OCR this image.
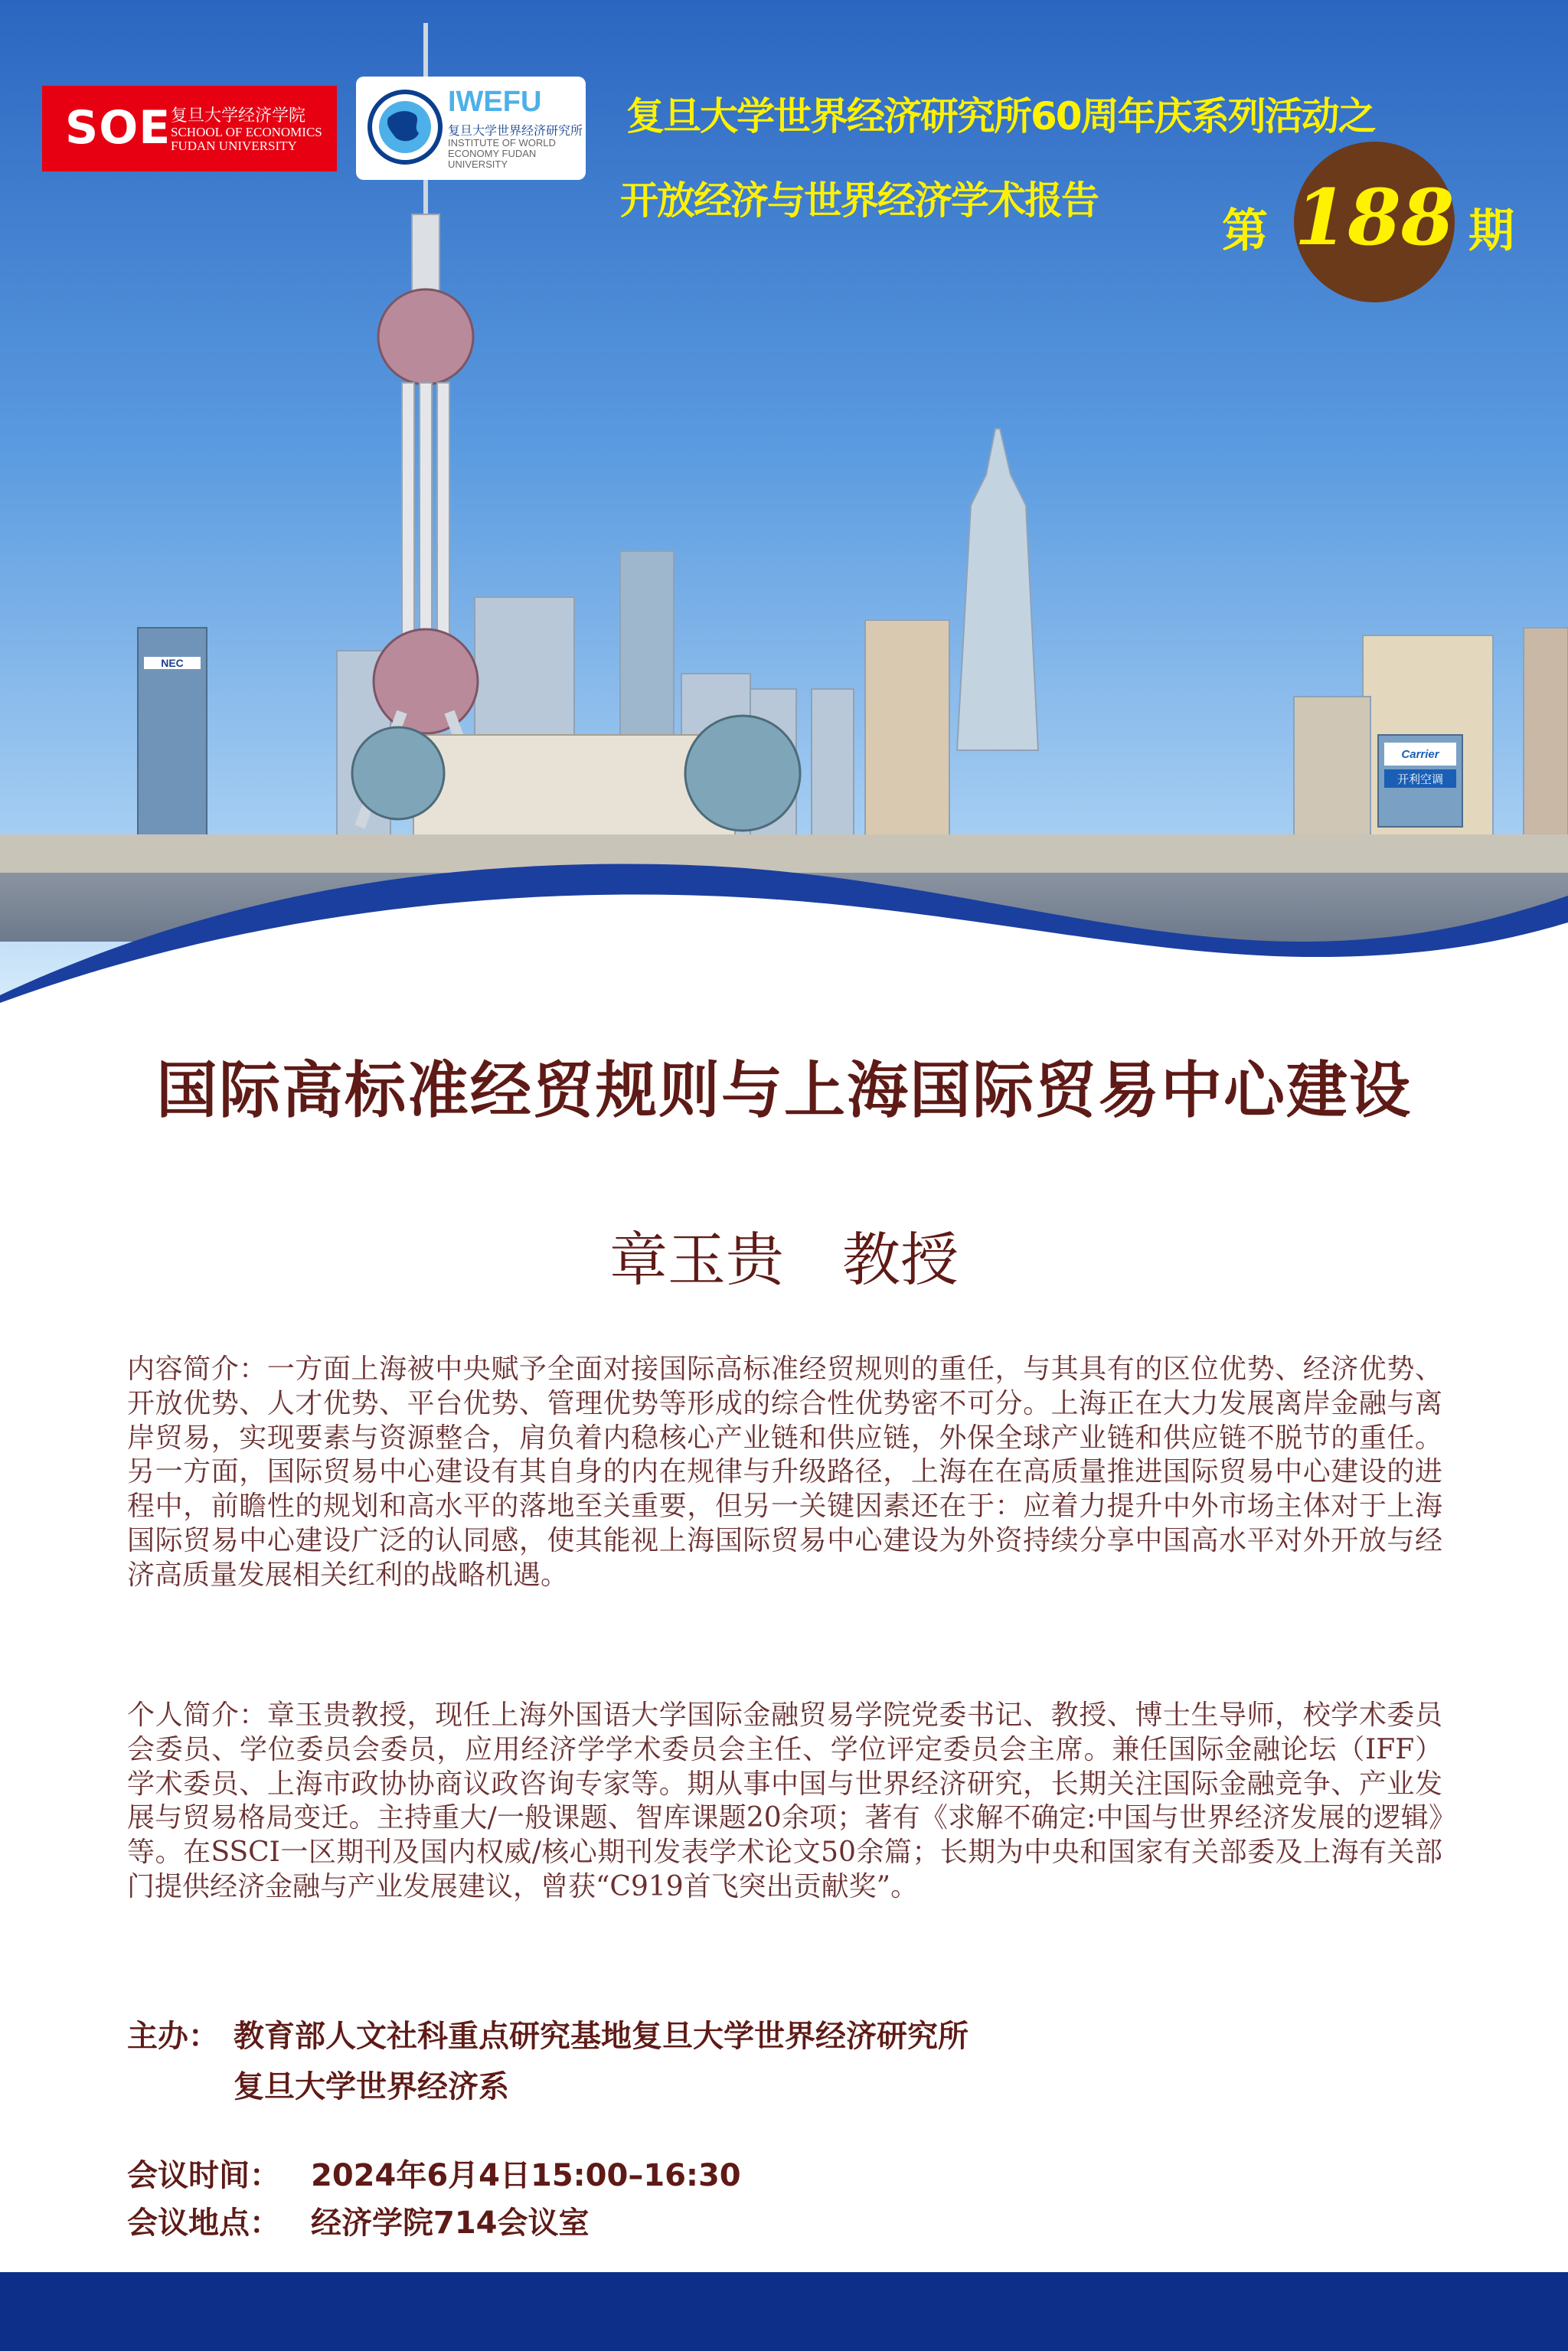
NEC
Carrier
开利空调
SOE 复旦大学经济学院
SCHOOL OF ECONOMICS FUDAN UNIVERSITY
IWEFU
复旦大学世界经济研究所
INSTITUTE OF WORLD ECONOMY FUDAN UNIVERSITY
复旦大学世界经济研究所60周年庆系列活动之
开放经济与世界经济学术报告
第 188 期
国际高标准经贸规则与上海国际贸易中心建设
章玉贵　教授
内容简介：一方面上海被中央赋予全面对接国际高标准经贸规则的重任，与其具有的区位优势、经济优势、开放优势、人才优势、平台优势、管理优势等形成的综合性优势密不可分。上海正在大力发展离岸金融与离岸贸易，实现要素与资源整合，肩负着内稳核心产业链和供应链，外保全球产业链和供应链不脱节的重任。另一方面，国际贸易中心建设有其自身的内在规律与升级路径，上海在在高质量推进国际贸易中心建设的进程中，前瞻性的规划和高水平的落地至关重要，但另一关键因素还在于：应着力提升中外市场主体对于上海国际贸易中心建设广泛的认同感，使其能视上海国际贸易中心建设为外资持续分享中国高水平对外开放与经济高质量发展相关红利的战略机遇。
个人简介：章玉贵教授，现任上海外国语大学国际金融贸易学院党委书记、教授、博士生导师，校学术委员会委员、学位委员会委员，应用经济学学术委员会主任、学位评定委员会主席。兼任国际金融论坛（IFF）学术委员、上海市政协协商议政咨询专家等。期从事中国与世界经济研究，长期关注国际金融竞争、产业发展与贸易格局变迁。主持重大/一般课题、智库课题20余项；著有《求解不确定:中国与世界经济发展的逻辑》等。在SSCI一区期刊及国内权威/核心期刊发表学术论文50余篇；长期为中央和国家有关部委及上海有关部门提供经济金融与产业发展建议，曾获“C919首飞突出贡献奖”。
主办： 教育部人文社科重点研究基地复旦大学世界经济研究所
复旦大学世界经济系
会议时间： 2024年6月4日15:00–16:30
会议地点： 经济学院714会议室
